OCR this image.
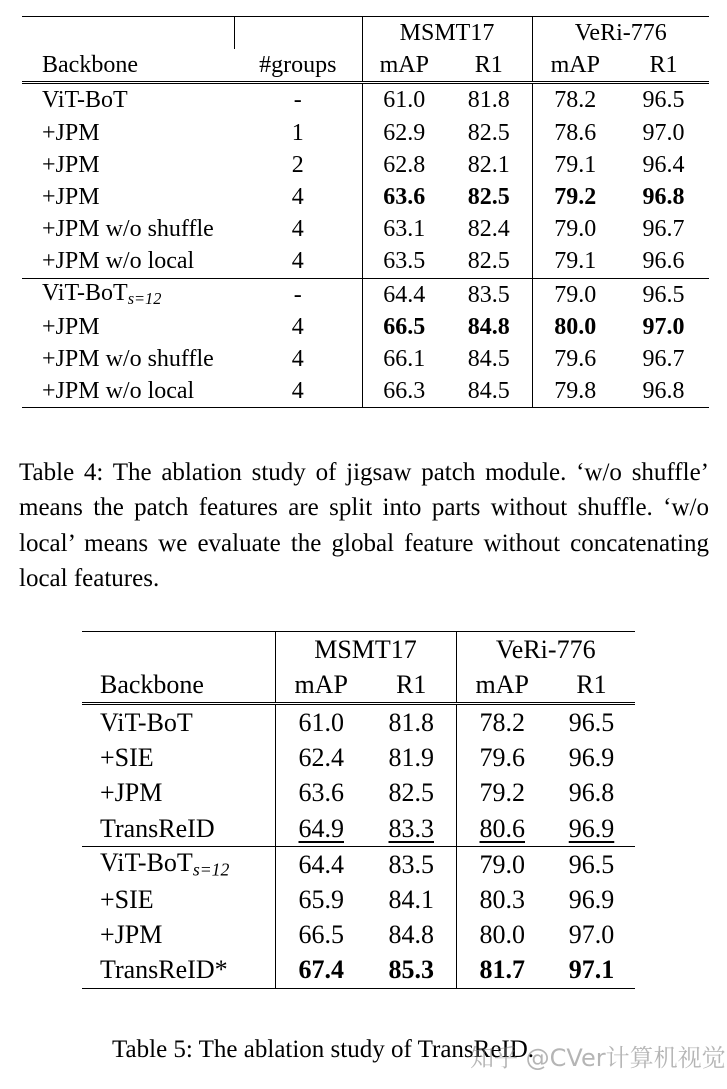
		MSMT17		VeRi-776	
Backbone	#groups	mAP	R1	mAP	R1
ViT-BoT	-	61.0	81.8	78.2	96.5
+JPM	1	62.9	82.5	78.6	97.0
+JPM	2	62.8	82.1	79.1	96.4
+JPM	4	63.6	82.5	79.2	96.8
+JPM w/o shuffle	4	63.1	82.4	79.0	96.7
+JPM w/o local	4	63.5	82.5	79.1	96.6
ViT-BoT$_{s=12}$	-	64.4	83.5	79.0	96.5
+JPM	4	66.5	84.8	80.0	97.0
+JPM w/o shuffle	4	66.1	84.5	79.6	96.7
+JPM w/o local	4	66.3	84.5	79.8	96.8
Table 4: The ablation study of jigsaw patch module. ‘w/o shuffle’ means the patch features are split into parts without shuffle. ‘w/o local’ means we evaluate the global feature without concatenating local features.
	MSMT17		VeRi-776	
Backbone	mAP	R1	mAP	R1
ViT-BoT	61.0	81.8	78.2	96.5
+SIE	62.4	81.9	79.6	96.9
+JPM	63.6	82.5	79.2	96.8
TransReID	64.9	83.3	80.6	96.9
ViT-BoT$_{s=12}$	64.4	83.5	79.0	96.5
+SIE	65.9	84.1	80.3	96.9
+JPM	66.5	84.8	80.0	97.0
TransReID*	67.4	85.3	81.7	97.1
Table 5: The ablation study of TransReID.
知乎 @CVer计算机视觉
